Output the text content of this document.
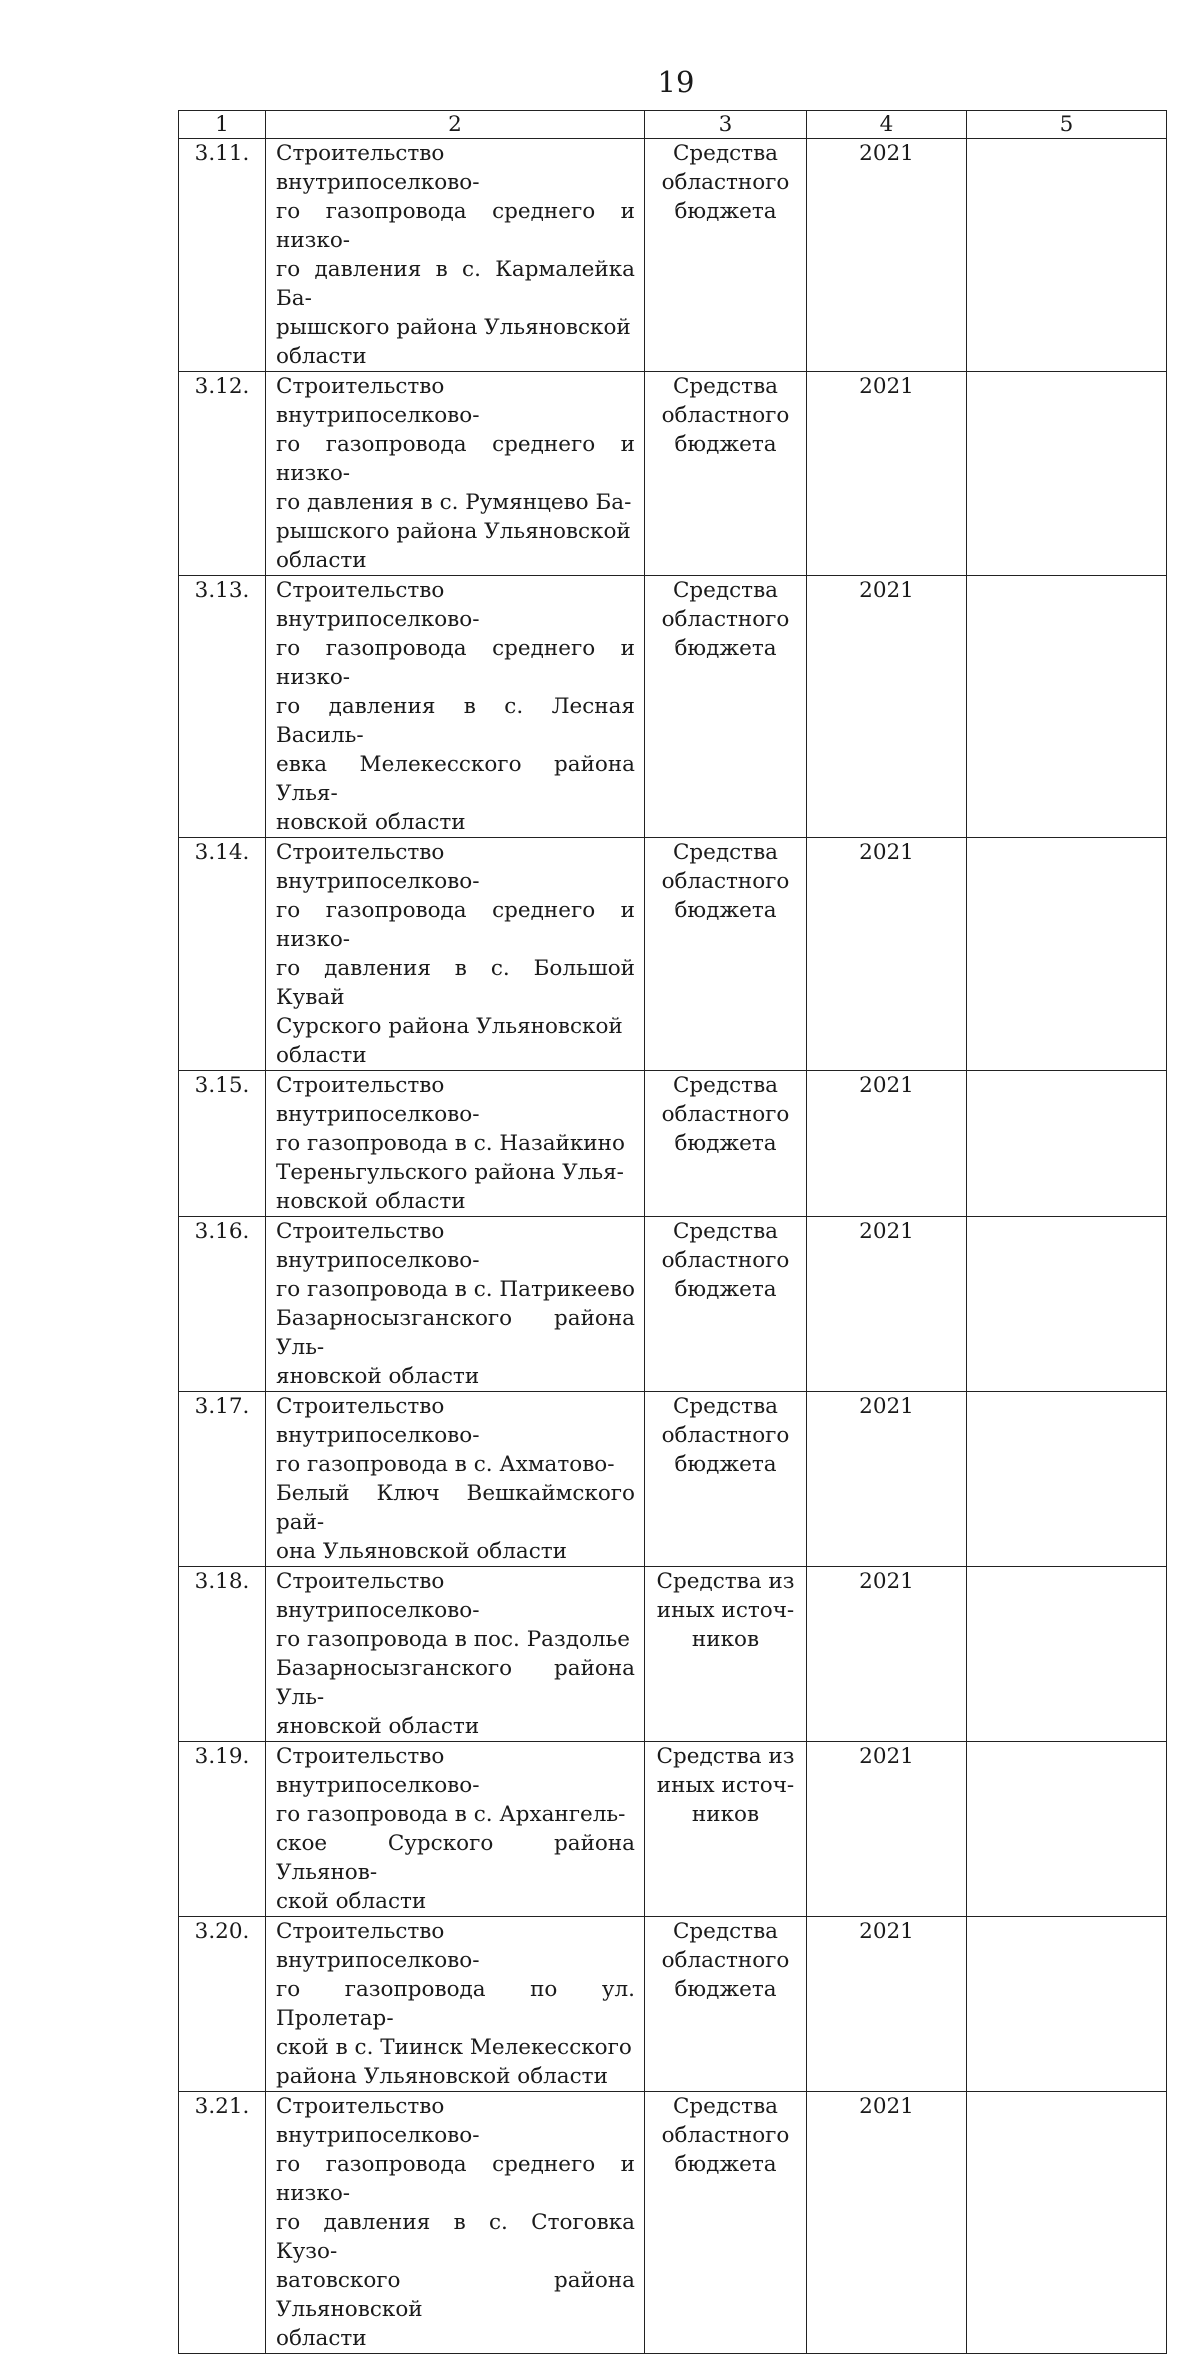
19
1	2	3	4	5
3.11.	Строительство внутрипоселково-
го газопровода среднего и низко-
го давления в с. Кармалейка Ба-
рышского района Ульяновской
области	Средства
областного
бюджета	2021	
3.12.	Строительство внутрипоселково-
го газопровода среднего и низко-
го давления в с. Румянцево Ба-
рышского района Ульяновской
области	Средства
областного
бюджета	2021	
3.13.	Строительство внутрипоселково-
го газопровода среднего и низко-
го давления в с. Лесная Василь-
евка Мелекесского района Улья-
новской области	Средства
областного
бюджета	2021	
3.14.	Строительство внутрипоселково-
го газопровода среднего и низко-
го давления в с. Большой Кувай
Сурского района Ульяновской
области	Средства
областного
бюджета	2021	
3.15.	Строительство внутрипоселково-
го газопровода в с. Назайкино
Тереньгульского района Улья-
новской области	Средства
областного
бюджета	2021	
3.16.	Строительство внутрипоселково-
го газопровода в с. Патрикеево
Базарносызганского района Уль-
яновской области	Средства
областного
бюджета	2021	
3.17.	Строительство внутрипоселково-
го газопровода в с. Ахматово-
Белый Ключ Вешкаймского рай-
она Ульяновской области	Средства
областного
бюджета	2021	
3.18.	Строительство внутрипоселково-
го газопровода в пос. Раздолье
Базарносызганского района Уль-
яновской области	Средства из
иных источ-
ников	2021	
3.19.	Строительство внутрипоселково-
го газопровода в с. Архангель-
ское Сурского района Ульянов-
ской области	Средства из
иных источ-
ников	2021	
3.20.	Строительство внутрипоселково-
го газопровода по ул. Пролетар-
ской в с. Тиинск Мелекесского
района Ульяновской области	Средства
областного
бюджета	2021	
3.21.	Строительство внутрипоселково-
го газопровода среднего и низко-
го давления в с. Стоговка Кузо-
ватовского района Ульяновской
области	Средства
областного
бюджета	2021	
